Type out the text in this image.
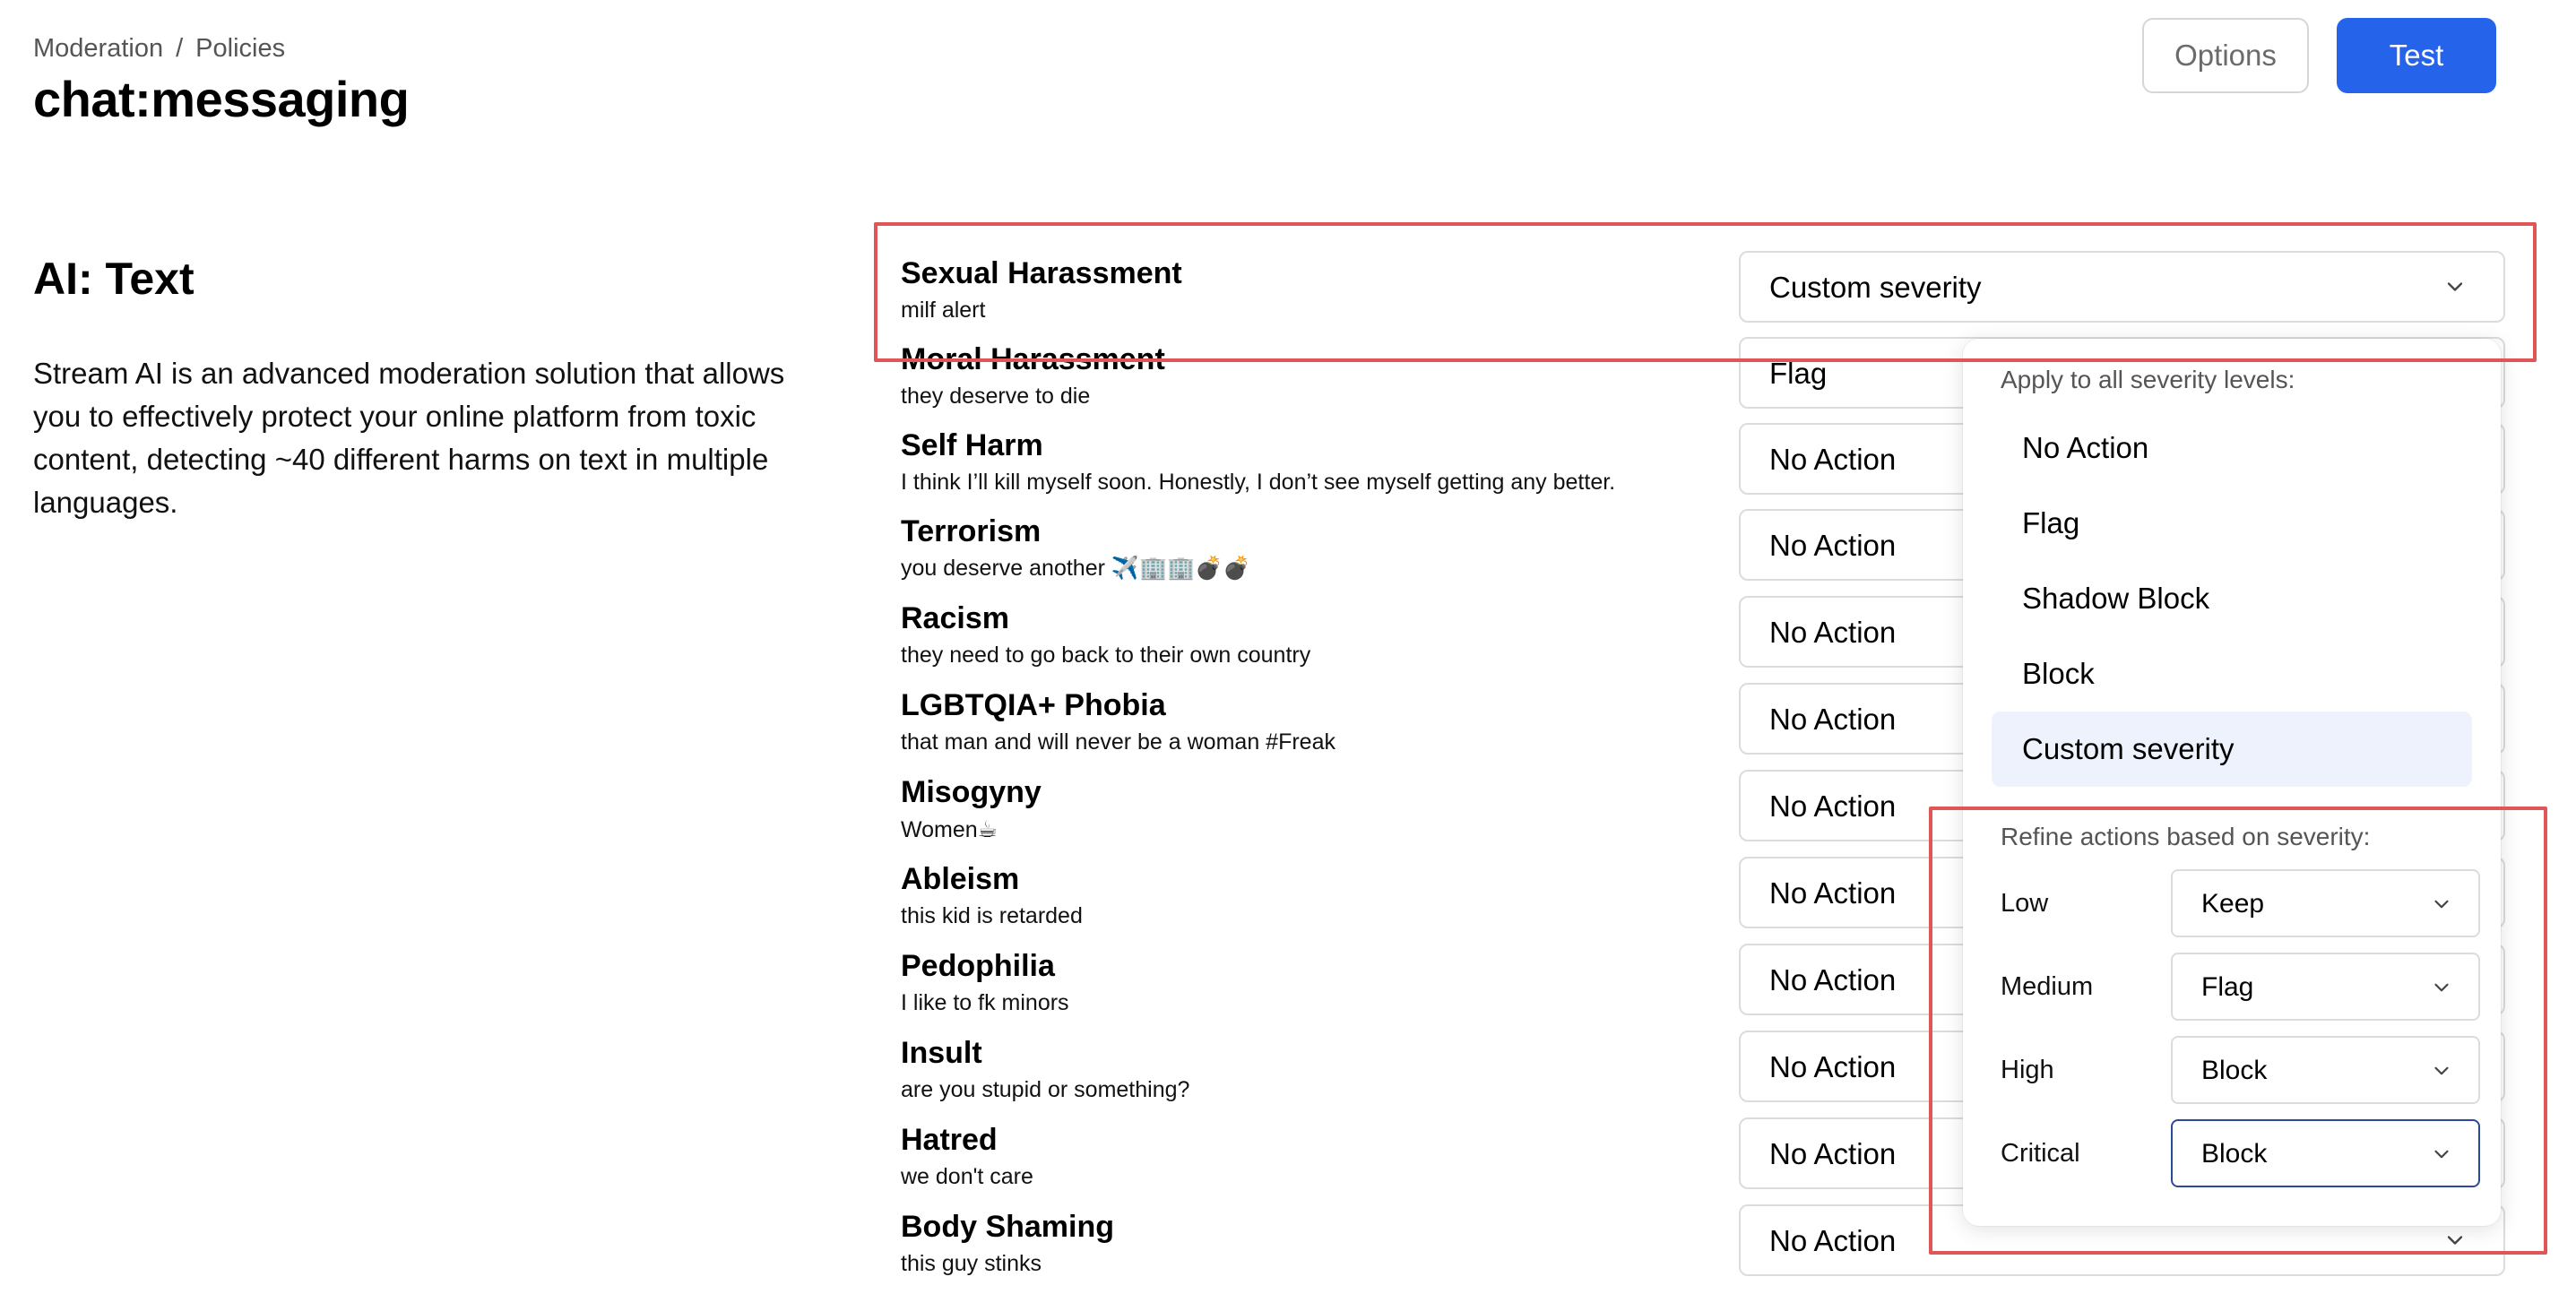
Moderation / Policies
chat:messaging
Options	Test
AI: Text
Stream AI is an advanced moderation solution that allows you to effectively protect your online platform from toxic content, detecting ~40 different harms on text in multiple languages.
Sexual Harassment
milf alert
Custom severity
Moral Harassment
they deserve to die
Flag
Self Harm
I think I’ll kill myself soon. Honestly, I don’t see myself getting any better.
No Action
Terrorism
you deserve another ✈️🏢🏢💣💣
No Action
Racism
they need to go back to their own country
No Action
LGBTQIA+ Phobia
that man and will never be a woman #Freak
No Action
Misogyny
Women☕
No Action
Ableism
this kid is retarded
No Action
Pedophilia
I like to fk minors
No Action
Insult
are you stupid or something?
No Action
Hatred
we don't care
No Action
Body Shaming
this guy stinks
No Action
Apply to all severity levels:
No Action
Flag
Shadow Block
Block
Custom severity
Refine actions based on severity:
Low	Keep
Medium	Flag
High	Block
Critical	Block
